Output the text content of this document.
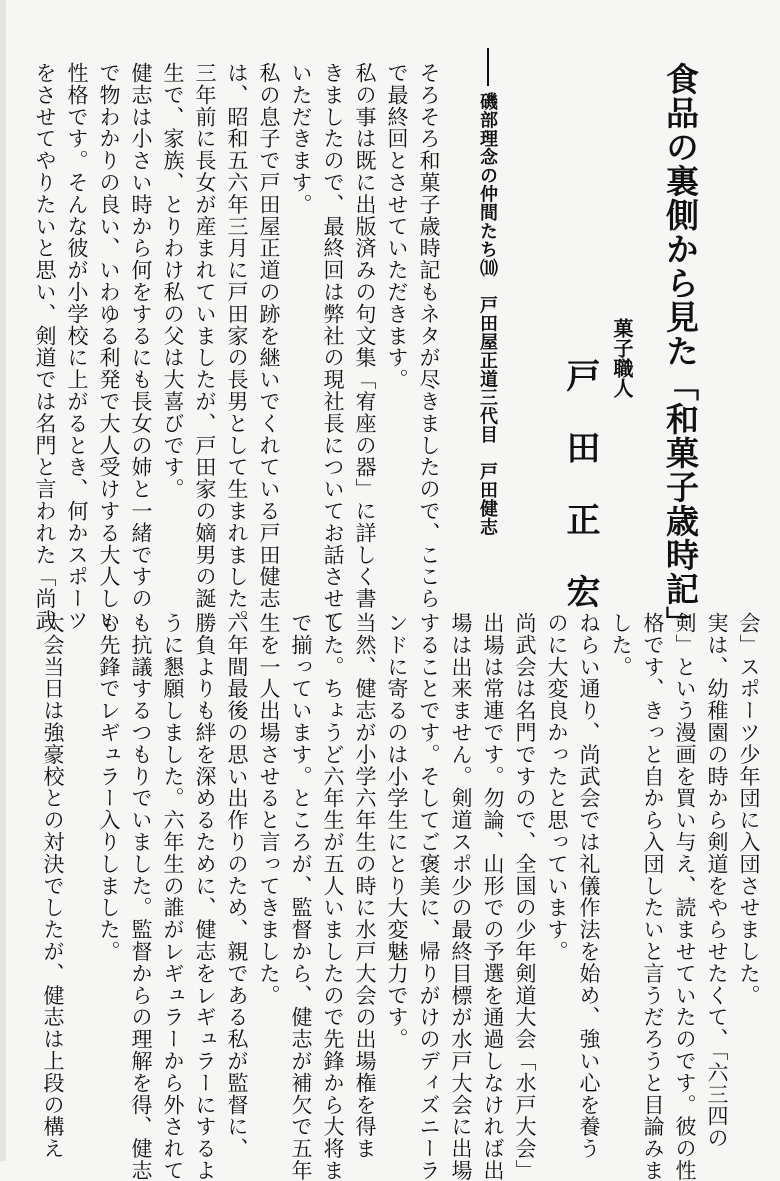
食品の裏側から見た「和菓子歳時記」
菓子職人
戸田正宏
磯部理念の仲間たち⑽　戸田屋正道三代目　戸田健志
そろそろ和菓子歳時記もネタが尽きましたので、ここら
で最終回とさせていただきます。
私の事は既に出版済みの句文集「宥座の器」に詳しく書
きましたので、最終回は弊社の現社長についてお話させて
いただきます。
私の息子で戸田屋正道の跡を継いでくれている戸田健志
は、昭和五六年三月に戸田家の長男として生まれました。
三年前に長女が産まれていましたが、戸田家の嫡男の誕
生で、家族、とりわけ私の父は大喜びです。
健志は小さい時から何をするにも長女の姉と一緒ですの
で物わかりの良い、いわゆる利発で大人受けする大人しい
性格です。そんな彼が小学校に上がるとき、何かスポーツ
をさせてやりたいと思い、剣道では名門と言われた「尚武
会」スポーツ少年団に入団させました。
実は、幼稚園の時から剣道をやらせたくて、「六三四の
剣」という漫画を買い与え、読ませていたのです。彼の性
格です、きっと自から入団したいと言うだろうと目論みま
した。
ねらい通り、尚武会では礼儀作法を始め、強い心を養う
のに大変良かったと思っています。
尚武会は名門ですので、全国の少年剣道大会「水戸大会」
出場は常連です。勿論、山形での予選を通過しなければ出
場は出来ません。剣道スポ少の最終目標が水戸大会に出場
することです。そしてご褒美に、帰りがけのディズニーラ
ンドに寄るのは小学生にとり大変魅力です。
当然、健志が小学六年生の時に水戸大会の出場権を得ま
した。ちょうど六年生が五人いましたので先鋒から大将ま
で揃っています。ところが、監督から、健志が補欠で五年
生を一人出場させると言ってきました。
六年間最後の思い出作りのため、親である私が監督に、
勝負よりも絆を深めるために、健志をレギュラーにするよ
うに懇願しました。六年生の誰がレギュラーから外されて
も抗議するつもりでいました。監督からの理解を得、健志
も先鋒でレギュラー入りしました。
大会当日は強豪校との対決でしたが、健志は上段の構え
